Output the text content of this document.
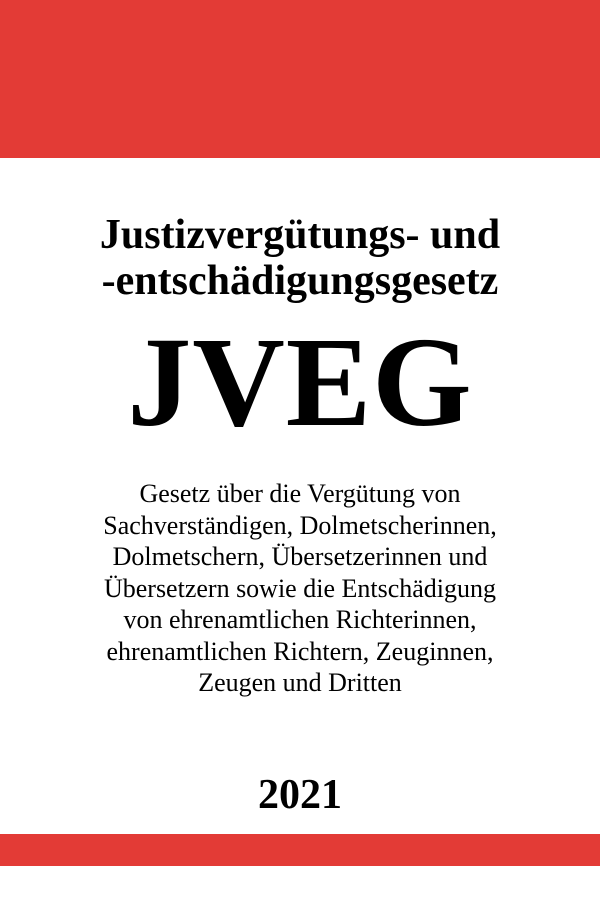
Justizvergütungs- und
-entschädigungsgesetz
JVEG

Gesetz über die Vergütung von
Sachverständigen, Dolmetscherinnen,
Dolmetschern, Übersetzerinnen und
Übersetzern sowie die Entschädigung
von ehrenamtlichen Richterinnen,
ehrenamtlichen Richtern, Zeuginnen,
Zeugen und Dritten

2021
